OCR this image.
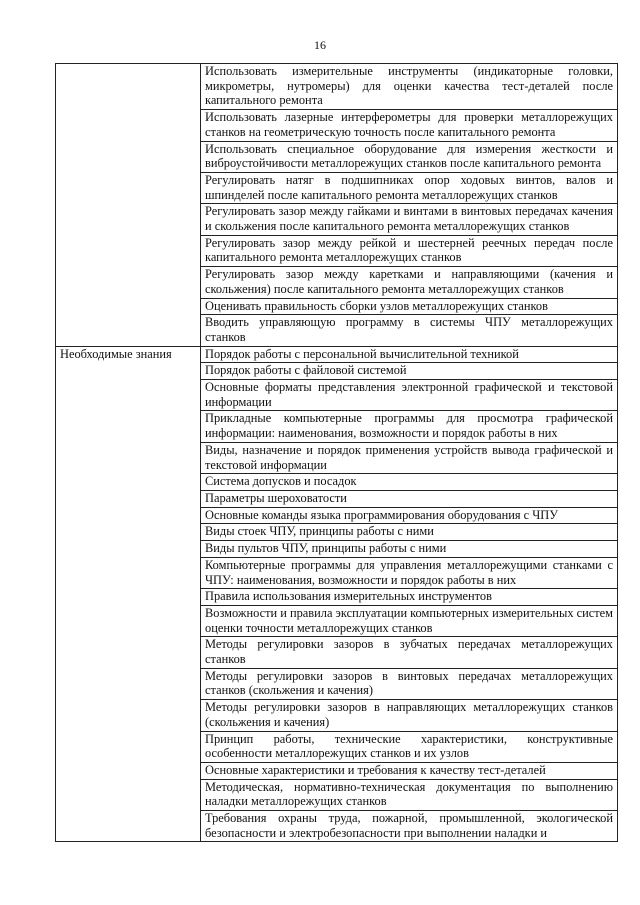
16
	Использовать измерительные инструменты (индикаторные головки, микрометры, нутромеры) для оценки качества тест-деталей после капитального ремонта
	Использовать лазерные интерферометры для проверки металлорежущих станков на геометрическую точность после капитального ремонта
	Использовать специальное оборудование для измерения жесткости и виброустойчивости металлорежущих станков после капитального ремонта
	Регулировать натяг в подшипниках опор ходовых винтов, валов и шпинделей после капитального ремонта металлорежущих станков
	Регулировать зазор между гайками и винтами в винтовых передачах качения и скольжения после капитального ремонта металлорежущих станков
	Регулировать зазор между рейкой и шестерней реечных передач после капитального ремонта металлорежущих станков
	Регулировать зазор между каретками и направляющими (качения и скольжения) после капитального ремонта металлорежущих станков
	Оценивать правильность сборки узлов металлорежущих станков
	Вводить управляющую программу в системы ЧПУ металлорежущих станков
Необходимые знания	Порядок работы с персональной вычислительной техникой
	Порядок работы с файловой системой
	Основные форматы представления электронной графической и текстовой информации
	Прикладные компьютерные программы для просмотра графической информации: наименования, возможности и порядок работы в них
	Виды, назначение и порядок применения устройств вывода графической и текстовой информации
	Система допусков и посадок
	Параметры шероховатости
	Основные команды языка программирования оборудования с ЧПУ
	Виды стоек ЧПУ, принципы работы с ними
	Виды пультов ЧПУ, принципы работы с ними
	Компьютерные программы для управления металлорежущими станками с ЧПУ: наименования, возможности и порядок работы в них
	Правила использования измерительных инструментов
	Возможности и правила эксплуатации компьютерных измерительных систем оценки точности металлорежущих станков
	Методы регулировки зазоров в зубчатых передачах металлорежущих станков
	Методы регулировки зазоров в винтовых передачах металлорежущих станков (скольжения и качения)
	Методы регулировки зазоров в направляющих металлорежущих станков (скольжения и качения)
	Принцип работы, технические характеристики, конструктивные особенности металлорежущих станков и их узлов
	Основные характеристики и требования к качеству тест-деталей
	Методическая, нормативно-техническая документация по выполнению наладки металлорежущих станков
	Требования охраны труда, пожарной, промышленной, экологической безопасности и электробезопасности при выполнении наладки и
